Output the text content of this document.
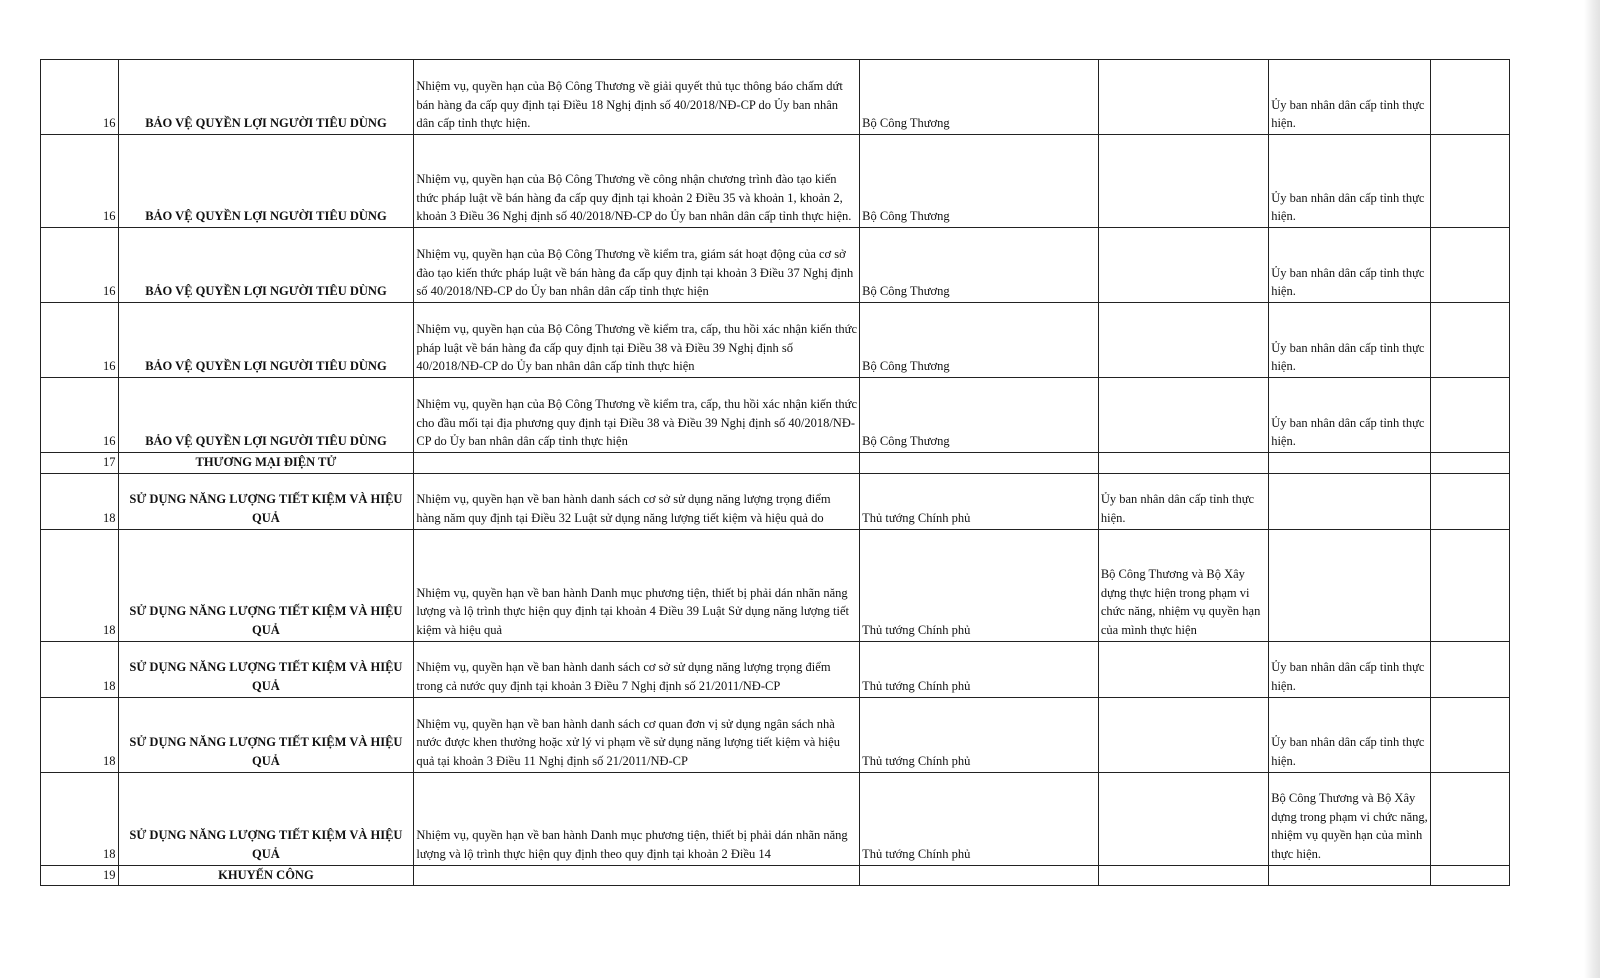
16	BẢO VỆ QUYỀN LỢI NGƯỜI TIÊU DÙNG	Nhiệm vụ, quyền hạn của Bộ Công Thương về giải quyết thủ tục thông báo chấm dứt bán hàng đa cấp quy định tại Điều 18 Nghị định số 40/2018/NĐ-CP do Ủy ban nhân dân cấp tỉnh thực hiện.	Bộ Công Thương		Ủy ban nhân dân cấp tỉnh thực hiện.	
16	BẢO VỆ QUYỀN LỢI NGƯỜI TIÊU DÙNG	Nhiệm vụ, quyền hạn của Bộ Công Thương về công nhận chương trình đào tạo kiến thức pháp luật về bán hàng đa cấp quy định tại khoản 2 Điều 35 và khoản 1, khoản 2, khoản 3 Điều 36 Nghị định số 40/2018/NĐ-CP do Ủy ban nhân dân cấp tỉnh thực hiện.	Bộ Công Thương		Ủy ban nhân dân cấp tỉnh thực hiện.	
16	BẢO VỆ QUYỀN LỢI NGƯỜI TIÊU DÙNG	Nhiệm vụ, quyền hạn của Bộ Công Thương về kiểm tra, giám sát hoạt động của cơ sở đào tạo kiến thức pháp luật về bán hàng đa cấp quy định tại khoản 3 Điều 37 Nghị định số 40/2018/NĐ-CP do Ủy ban nhân dân cấp tỉnh thực hiện	Bộ Công Thương		Ủy ban nhân dân cấp tỉnh thực hiện.	
16	BẢO VỆ QUYỀN LỢI NGƯỜI TIÊU DÙNG	Nhiệm vụ, quyền hạn của Bộ Công Thương về kiểm tra, cấp, thu hồi xác nhận kiến thức pháp luật về bán hàng đa cấp quy định tại Điều 38 và Điều 39 Nghị định số 40/2018/NĐ-CP do Ủy ban nhân dân cấp tỉnh thực hiện	Bộ Công Thương		Ủy ban nhân dân cấp tỉnh thực hiện.	
16	BẢO VỆ QUYỀN LỢI NGƯỜI TIÊU DÙNG	Nhiệm vụ, quyền hạn của Bộ Công Thương về kiểm tra, cấp, thu hồi xác nhận kiến thức cho đầu mối tại địa phương quy định tại Điều 38 và Điều 39 Nghị định số 40/2018/NĐ-CP do Ủy ban nhân dân cấp tỉnh thực hiện	Bộ Công Thương		Ủy ban nhân dân cấp tỉnh thực hiện.	
17	THƯƠNG MẠI ĐIỆN TỬ					
18	SỬ DỤNG NĂNG LƯỢNG TIẾT KIỆM VÀ HIỆU QUẢ	Nhiệm vụ, quyền hạn về ban hành danh sách cơ sở sử dụng năng lượng trọng điểm hàng năm quy định tại Điều 32 Luật sử dụng năng lượng tiết kiệm và hiệu quả do	Thủ tướng Chính phủ	Ủy ban nhân dân cấp tỉnh thực hiện.		
18	SỬ DỤNG NĂNG LƯỢNG TIẾT KIỆM VÀ HIỆU QUẢ	Nhiệm vụ, quyền hạn về ban hành Danh mục phương tiện, thiết bị phải dán nhãn năng lượng và lộ trình thực hiện quy định tại khoản 4 Điều 39 Luật Sử dụng năng lượng tiết kiệm và hiệu quả	Thủ tướng Chính phủ	Bộ Công Thương và Bộ Xây dựng thực hiện trong phạm vi chức năng, nhiệm vụ quyền hạn của mình thực hiện		
18	SỬ DỤNG NĂNG LƯỢNG TIẾT KIỆM VÀ HIỆU QUẢ	Nhiệm vụ, quyền hạn về ban hành danh sách cơ sở sử dụng năng lượng trọng điểm trong cả nước quy định tại khoản 3 Điều 7 Nghị định số 21/2011/NĐ-CP	Thủ tướng Chính phủ		Ủy ban nhân dân cấp tỉnh thực hiện.	
18	SỬ DỤNG NĂNG LƯỢNG TIẾT KIỆM VÀ HIỆU QUẢ	Nhiệm vụ, quyền hạn về ban hành danh sách cơ quan đơn vị sử dụng ngân sách nhà nước được khen thưởng hoặc xử lý vi phạm về sử dụng năng lượng tiết kiệm và hiệu quả tại khoản 3 Điều 11 Nghị định số 21/2011/NĐ-CP	Thủ tướng Chính phủ		Ủy ban nhân dân cấp tỉnh thực hiện.	
18	SỬ DỤNG NĂNG LƯỢNG TIẾT KIỆM VÀ HIỆU QUẢ	Nhiệm vụ, quyền hạn về ban hành Danh mục phương tiện, thiết bị phải dán nhãn năng lượng và lộ trình thực hiện quy định theo quy định tại khoản 2 Điều 14	Thủ tướng Chính phủ		Bộ Công Thương và Bộ Xây dựng trong phạm vi chức năng, nhiệm vụ quyền hạn của mình thực hiện.	
19	KHUYẾN CÔNG					
